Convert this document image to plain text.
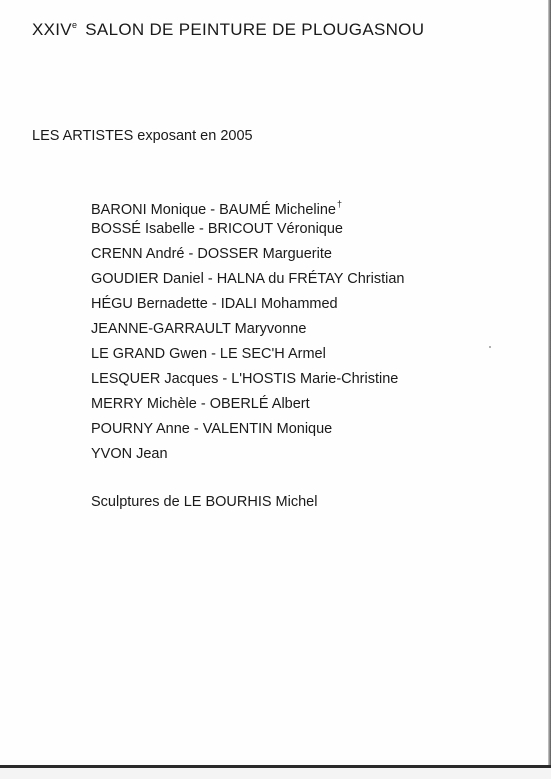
XXIVe SALON DE PEINTURE DE PLOUGASNOU
LES ARTISTES exposant en 2005
BARONI Monique - BAUMÉ Micheline†
BOSSÉ Isabelle - BRICOUT Véronique
CRENN André - DOSSER Marguerite
GOUDIER Daniel - HALNA du FRÉTAY Christian
HÉGU Bernadette - IDALI Mohammed
JEANNE-GARRAULT Maryvonne
LE GRAND Gwen - LE SEC'H Armel
LESQUER Jacques - L'HOSTIS Marie-Christine
MERRY Michèle - OBERLÉ Albert
POURNY Anne - VALENTIN Monique
YVON Jean
Sculptures de LE BOURHIS Michel
